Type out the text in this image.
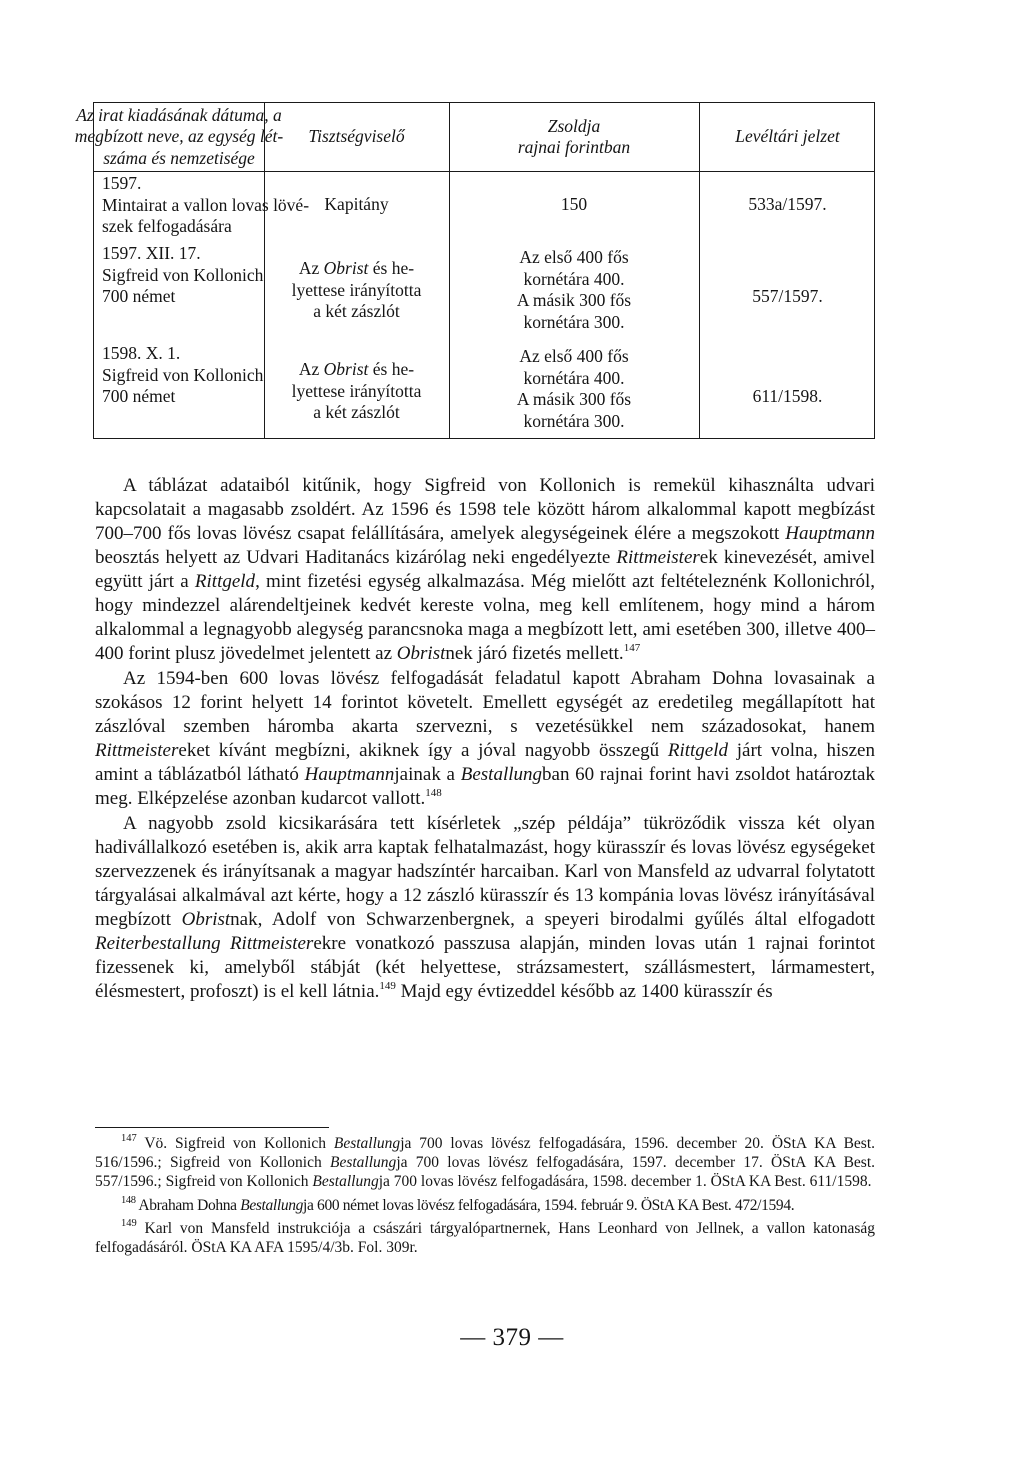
Az irat kiadásának dátuma, a
megbízott neve, az egység lét-
száma és nemzetisége
Tisztségviselő
Zsoldja
rajnai forintban
Levéltári jelzet
1597.
Mintairat a vallon lovas lövé-
szek felfogadására
Kapitány	150	533a/1597.
1597. XII. 17.
Sigfreid von Kollonich
700 német
Az Obrist és he-
lyettese irányította
a két zászlót
Az első 400 fős
kornétára 400.
A másik 300 fős
kornétára 300.
557/1597.
1598. X. 1.
Sigfreid von Kollonich
700 német
Az Obrist és he-
lyettese irányította
a két zászlót
Az első 400 fős
kornétára 400.
A másik 300 fős
kornétára 300.
611/1598.

A táblázat adataiból kitűnik, hogy Sigfreid von Kollonich is remekül kihasználta udvari kapcsolatait a magasabb zsoldért. Az 1596 és 1598 tele között három alkalommal kapott megbízást 700–700 fős lovas lövész csapat felállítására, amelyek alegységeinek élére a megszokott Hauptmann beosztás helyett az Udvari Haditanács kizárólag neki engedélyezte Rittmeisterek kinevezését, amivel együtt járt a Rittgeld, mint fizetési egység alkalmazása. Még mielőtt azt feltételeznénk Kollonichról, hogy mindezzel alárendeltjeinek kedvét kereste volna, meg kell említenem, hogy mind a három alkalommal a legnagyobb alegység parancsnoka maga a megbízott lett, ami esetében 300, illetve 400–400 forint plusz jövedelmet jelentett az Obristnek járó fizetés mellett.$^{147}$

Az 1594-ben 600 lovas lövész felfogadását feladatul kapott Abraham Dohna lovasainak a szokásos 12 forint helyett 14 forintot követelt. Emellett egységét az eredetileg megállapított hat zászlóval szemben háromba akarta szervezni, s vezetésükkel nem századosokat, hanem Rittmeistereket kívánt megbízni, akiknek így a jóval nagyobb összegű Rittgeld járt volna, hiszen amint a táblázatból látható Hauptmannjainak a Bestallungban 60 rajnai forint havi zsoldot határoztak meg. Elképzelése azonban kudarcot vallott.$^{148}$

A nagyobb zsold kicsikarására tett kísérletek „szép példája” tükröződik vissza két olyan hadivállalkozó esetében is, akik arra kaptak felhatalmazást, hogy kürasszír és lovas lövész egységeket szervezzenek és irányítsanak a magyar hadszíntér harcaiban. Karl von Mansfeld az udvarral folytatott tárgyalásai alkalmával azt kérte, hogy a 12 zászló kürasszír és 13 kompánia lovas lövész irányításával megbízott Obristnak, Adolf von Schwarzenbergnek, a speyeri birodalmi gyűlés által elfogadott Reiterbestallung Rittmeisterekre vonatkozó passzusa alapján, minden lovas után 1 rajnai forintot fizessenek ki, amelyből stábját (két helyettese, strázsamestert, szállásmestert, lármamestert, élésmestert, profoszt) is el kell látnia.$^{149}$ Majd egy évtizeddel később az 1400 kürasszír és

$^{147}$ Vö. Sigfreid von Kollonich Bestallungja 700 lovas lövész felfogadására, 1596. december 20. ÖStA KA Best. 516/1596.; Sigfreid von Kollonich Bestallungja 700 lovas lövész felfogadására, 1597. december 17. ÖStA KA Best. 557/1596.; Sigfreid von Kollonich Bestallungja 700 lovas lövész felfogadására, 1598. december 1. ÖStA KA Best. 611/1598.

$^{148}$ Abraham Dohna Bestallungja 600 német lovas lövész felfogadására, 1594. február 9. ÖStA KA Best. 472/1594.

$^{149}$ Karl von Mansfeld instrukciója a császári tárgyalópartnernek, Hans Leonhard von Jellnek, a vallon katonaság felfogadásáról. ÖStA KA AFA 1595/4/3b. Fol. 309r.

— 379 —
